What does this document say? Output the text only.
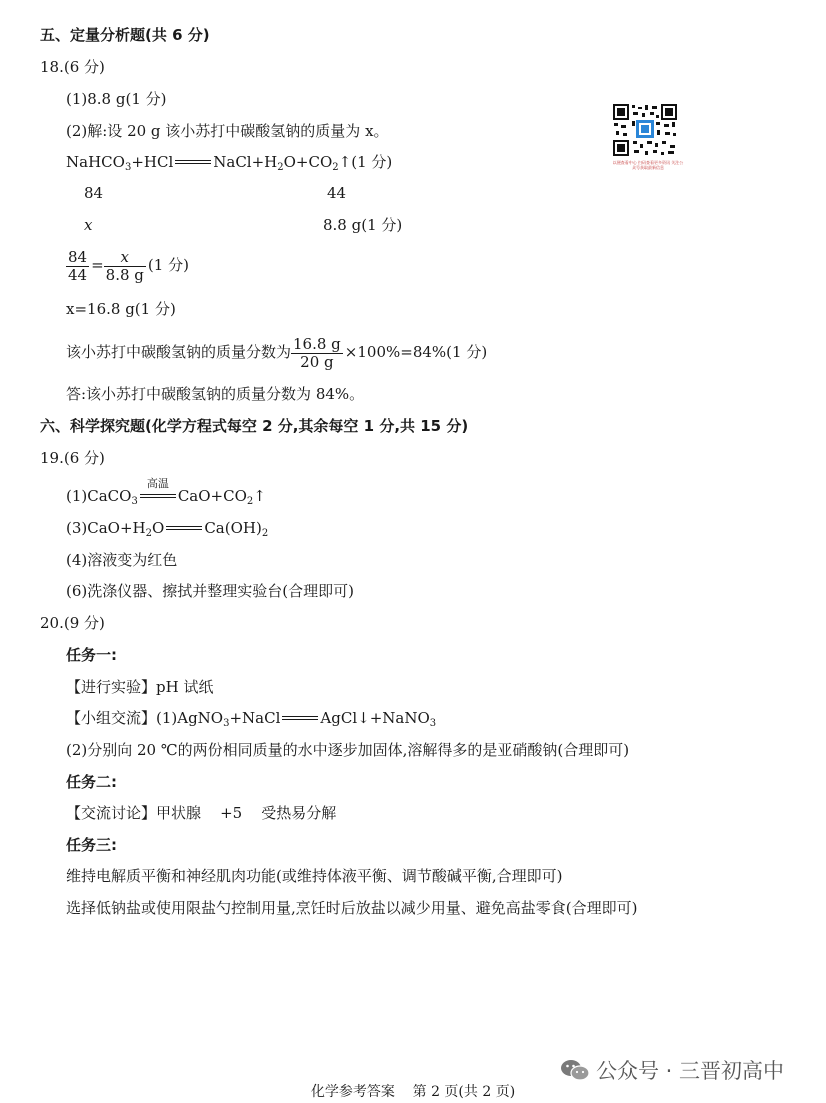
五、定量分析题(共 6 分)
18.(6 分)
(1)8.8 g(1 分)
(2)解:设 20 g 该小苏打中碳酸氢钠的质量为 x。
NaHCO$_3$+HCl	$NaCl+H_2O+CO_2↑(1$ 分)
84	44
x	8.8 g(1 分)
$\frac{84}{44} = \frac{x}{8.8 g} (1$ 分)
x=16.8 g(1 分)
该小苏打中碳酸氢钠的质量分数为 $\frac{16.8 g}{20 g} \times 100\%=84\%(1$ 分)
答:该小苏打中碳酸氢钠的质量分数为 84%。
以便查看中心 扫码查看更多资讯 关注公众号获取最新信息
六、科学探究题(化学方程式每空 2 分,其余每空 1 分,共 15 分)
19.(6 分)
(1)CaCO$_3$
高温
$CaO+CO_2↑$
$(3)CaO+H_2O$	$Ca(OH)_2$
(4)溶液变为红色
(6)洗涤仪器、擦拭并整理实验台(合理即可)
20.(9 分)
任务一:
【进行实验】pH 试纸
【小组交流】(1)AgNO$_3$+NaCl	AgCl↓+NaNO$_3$
(2)分别向 20 ℃的两份相同质量的水中逐步加固体,溶解得多的是亚硝酸钠(合理即可)
任务二:
【交流讨论】甲状腺    +5    受热易分解
任务三:
维持电解质平衡和神经肌肉功能(或维持体液平衡、调节酸碱平衡,合理即可)
选择低钠盐或使用限盐勺控制用量,烹饪时后放盐以减少用量、避免高盐零食(合理即可)
公众号 · 三晋初高中
化学参考答案    第 2 页(共 2 页)
